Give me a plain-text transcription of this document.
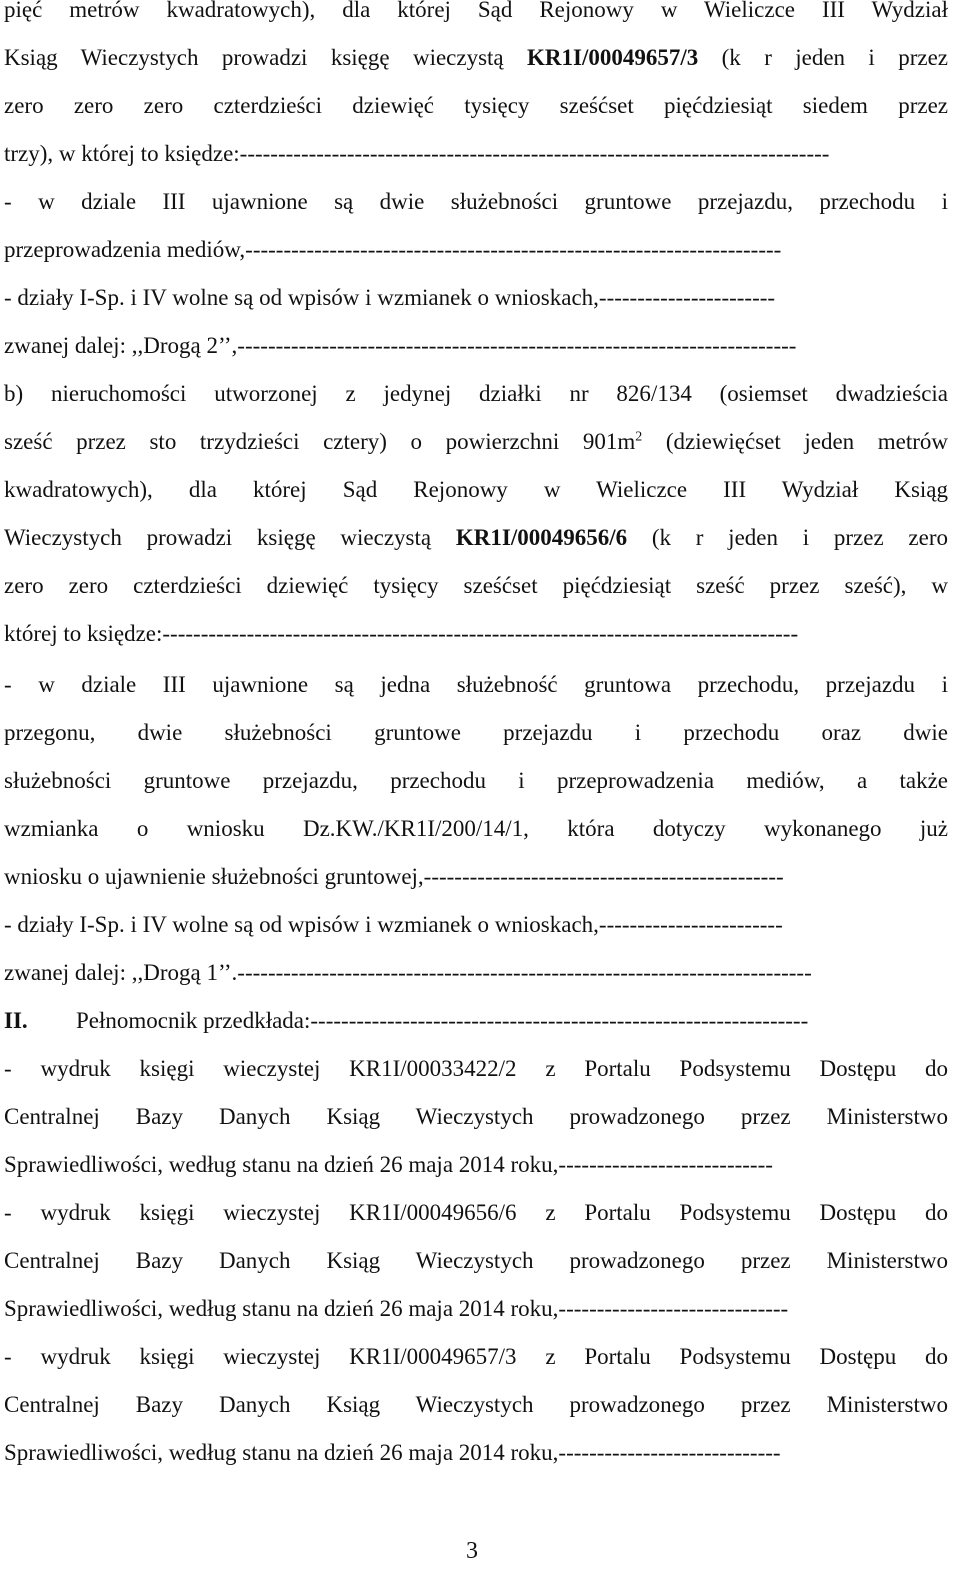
pięć metrów kwadratowych), dla której Sąd Rejonowy w Wieliczce III Wydział
Ksiąg Wieczystych prowadzi księgę wieczystą KR1I/00049657/3 (k r jeden i przez
zero zero zero czterdzieści dziewięć tysięcy sześćset pięćdziesiąt siedem przez
trzy), w której to księdze:-----------------------------------------------------------------------------
- w dziale III ujawnione są dwie służebności gruntowe przejazdu, przechodu i
przeprowadzenia mediów,----------------------------------------------------------------------
- działy I-Sp. i IV wolne są od wpisów i wzmianek o wnioskach,-----------------------
zwanej dalej: ,,Drogą 2’’,-------------------------------------------------------------------------
b) nieruchomości utworzonej z jedynej działki nr 826/134 (osiemset dwadzieścia
sześć przez sto trzydzieści cztery) o powierzchni $901m^2$ (dziewięćset jeden metrów
kwadratowych), dla której Sąd Rejonowy w Wieliczce III Wydział Ksiąg
Wieczystych prowadzi księgę wieczystą KR1I/00049656/6 (k r jeden i przez zero
zero zero czterdzieści dziewięć tysięcy sześćset pięćdziesiąt sześć przez sześć), w
której to księdze:-----------------------------------------------------------------------------------
- w dziale III ujawnione są jedna służebność gruntowa przechodu, przejazdu i
przegonu, dwie służebności gruntowe przejazdu i przechodu oraz dwie
służebności gruntowe przejazdu, przechodu i przeprowadzenia mediów, a także
wzmianka o wniosku Dz.KW./KR1I/200/14/1, która dotyczy wykonanego już
wniosku o ujawnienie służebności gruntowej,-----------------------------------------------
- działy I-Sp. i IV wolne są od wpisów i wzmianek o wnioskach,------------------------
zwanej dalej: ,,Drogą 1’’.---------------------------------------------------------------------------
II. Pełnomocnik przedkłada:-----------------------------------------------------------------
- wydruk księgi wieczystej KR1I/00033422/2 z Portalu Podsystemu Dostępu do
Centralnej Bazy Danych Ksiąg Wieczystych prowadzonego przez Ministerstwo
Sprawiedliwości, według stanu na dzień 26 maja 2014 roku,----------------------------
- wydruk księgi wieczystej KR1I/00049656/6 z Portalu Podsystemu Dostępu do
Centralnej Bazy Danych Ksiąg Wieczystych prowadzonego przez Ministerstwo
Sprawiedliwości, według stanu na dzień 26 maja 2014 roku,------------------------------
- wydruk księgi wieczystej KR1I/00049657/3 z Portalu Podsystemu Dostępu do
Centralnej Bazy Danych Ksiąg Wieczystych prowadzonego przez Ministerstwo
Sprawiedliwości, według stanu na dzień 26 maja 2014 roku,-----------------------------
3
